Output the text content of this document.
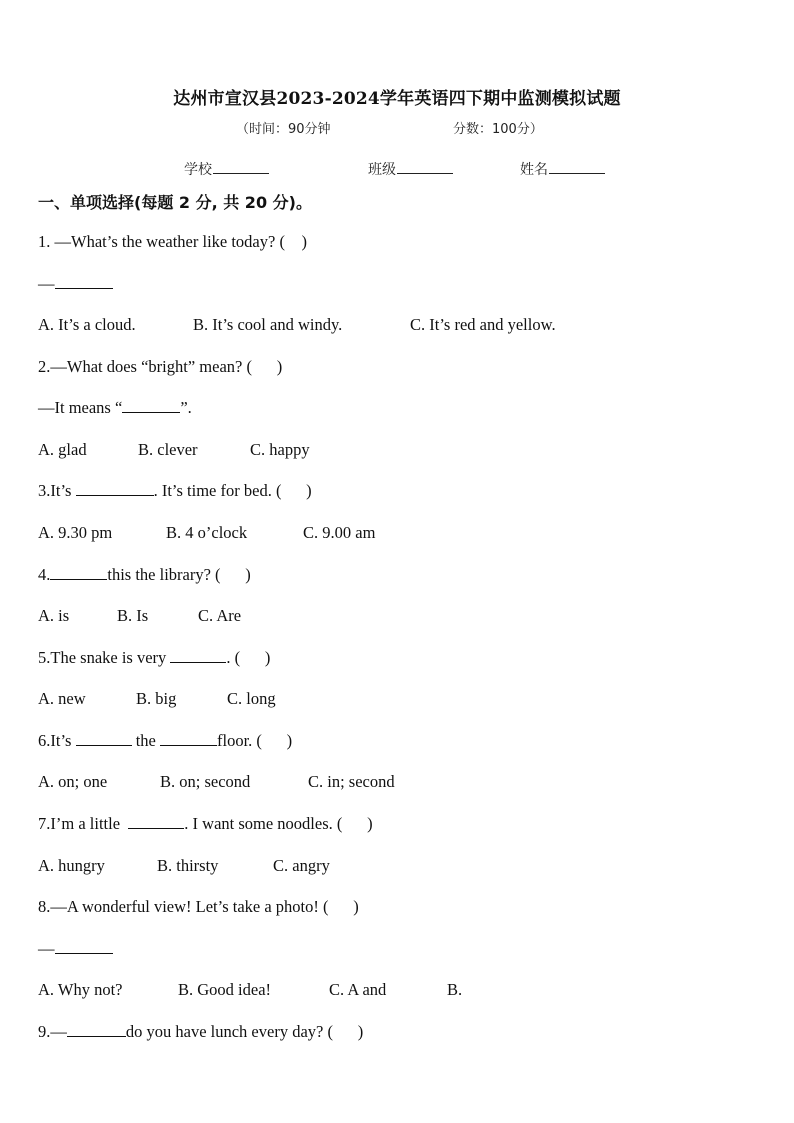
达州市宣汉县2023-2024学年英语四下期中监测模拟试题
（时间：90分钟	分数：100分）
学校	班级	姓名
一、单项选择(每题 2 分, 共 20 分)。
1. —What’s the weather like today? (    )
—

A. It’s a cloud.

	B. It’s cool and windy.

	C. It’s red and yellow.

2.—What does “bright” mean? (      )
—It means “	”.

A. glad

	B. clever

	C. happy

3.It’s	. It’s time for bed. (      )

A. 9.30 pm

	B. 4 o’clock

	C. 9.00 am

4.	this the library? (      )

A. is

	B. Is

	C. Are

5.The snake is very	. (      )

A. new

	B. big

	C. long

6.It’s	the	floor. (      )

A. on; one

	B. on; second

	C. in; second

7.I’m a little	. I want some noodles. (      )

A. hungry

	B. thirsty

	C. angry

8.—A wonderful view! Let’s take a photo! (      )
—

A. Why not?

	B. Good idea!

	C. A and

	B.

9.—	do you have lunch every day? (      )
